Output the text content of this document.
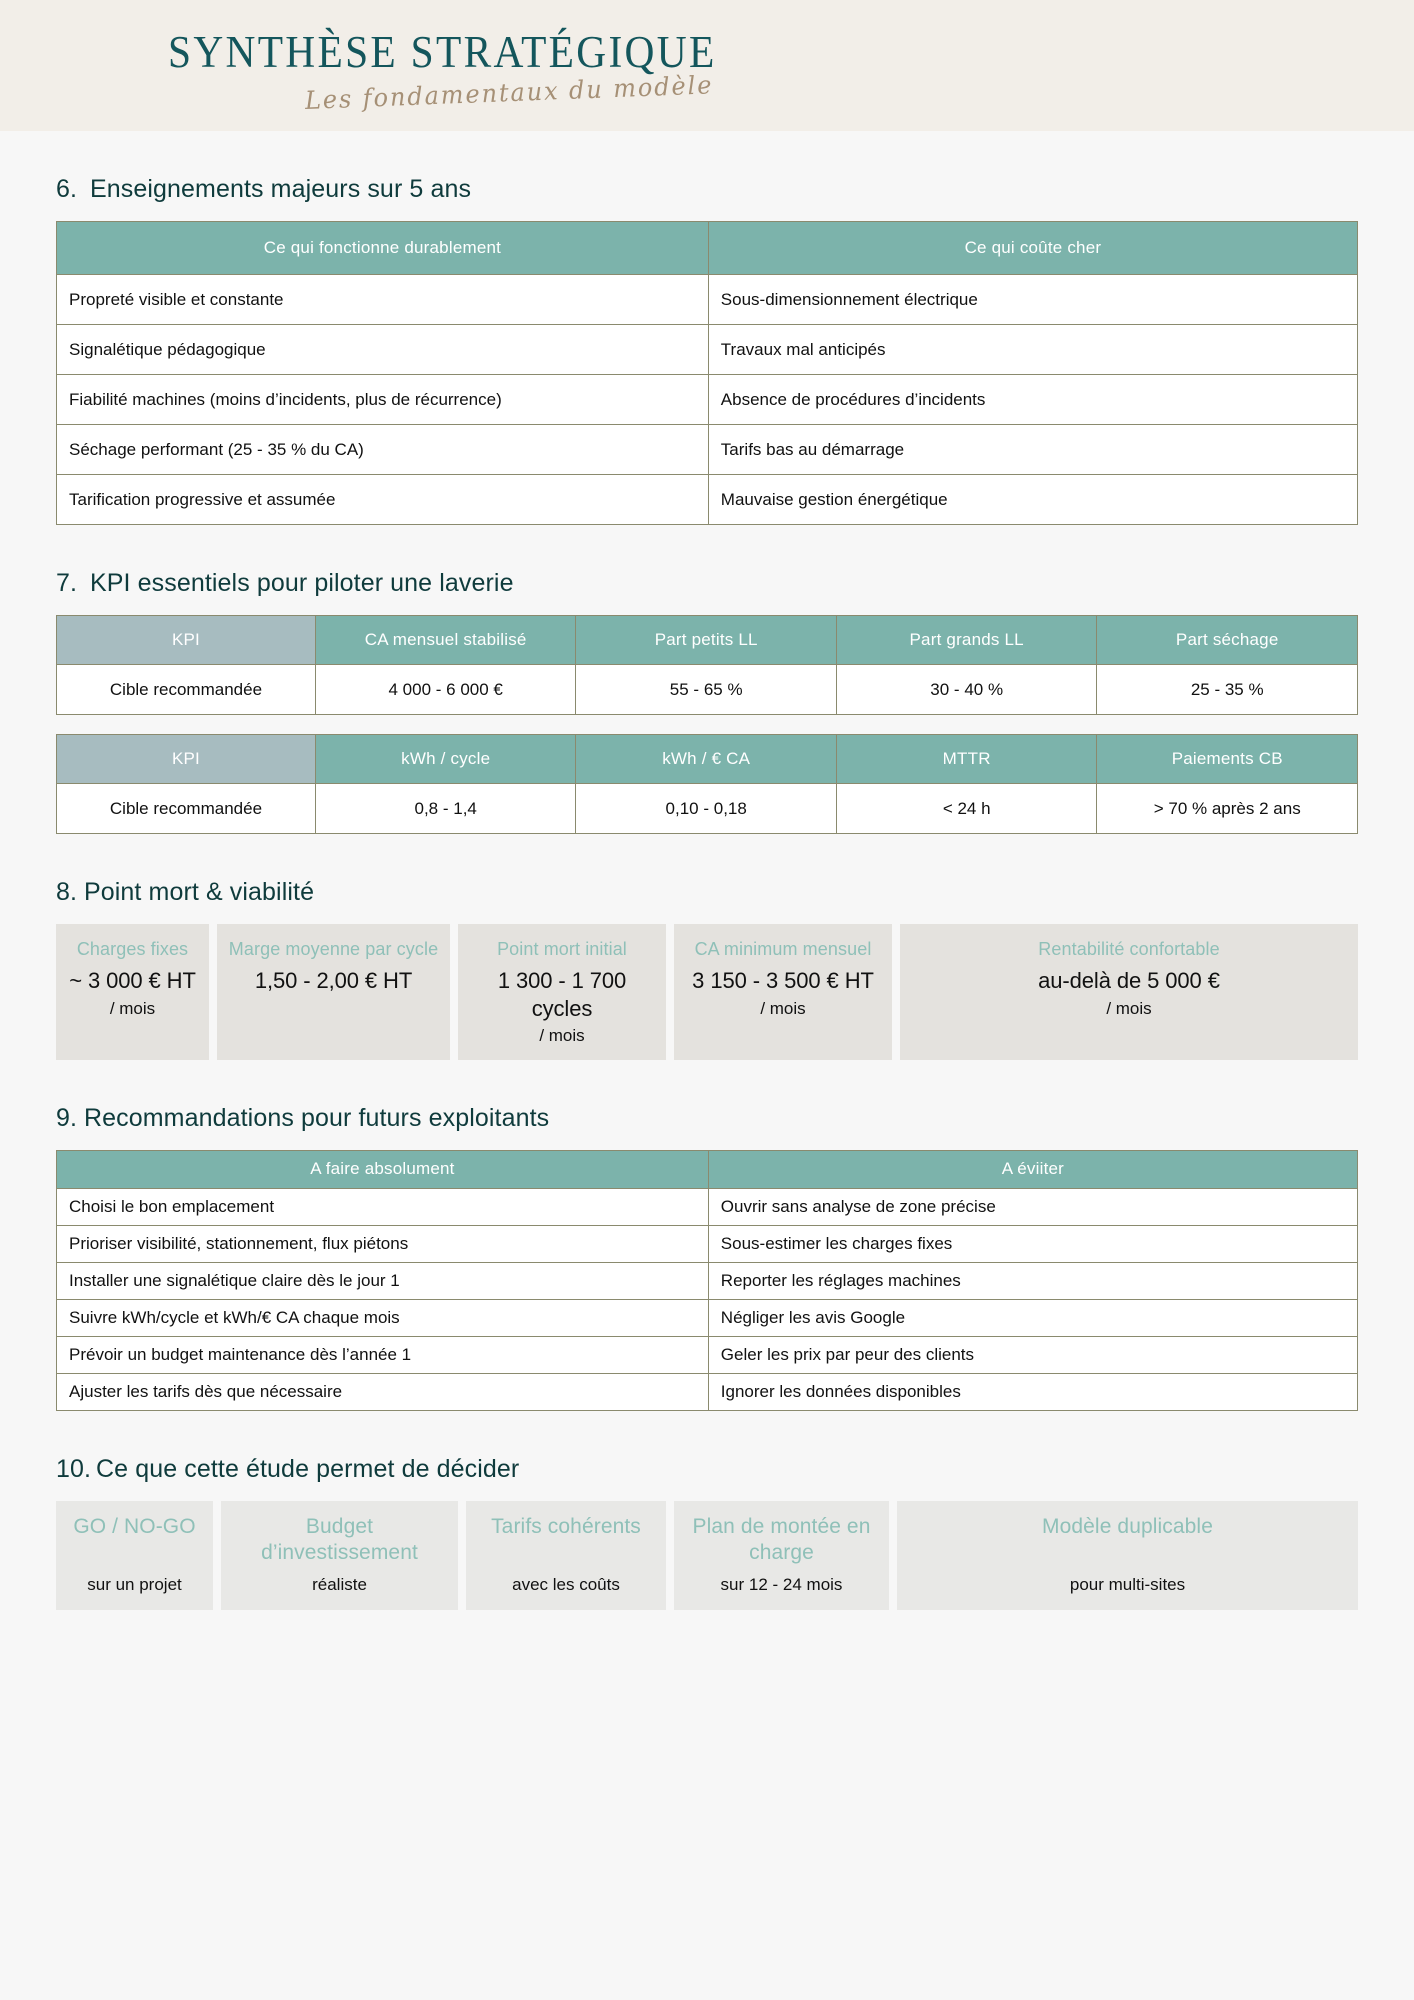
SYNTHÈSE STRATÉGIQUE
Les fondamentaux du modèle
6. Enseignements majeurs sur 5 ans
Ce qui fonctionne durablement	Ce qui coûte cher
Propreté visible et constante	Sous-dimensionnement électrique
Signalétique pédagogique	Travaux mal anticipés
Fiabilité machines (moins d’incidents, plus de récurrence)	Absence de procédures d’incidents
Séchage performant (25 - 35 % du CA)	Tarifs bas au démarrage
Tarification progressive et assumée	Mauvaise gestion énergétique
7. KPI essentiels pour piloter une laverie
KPI	CA mensuel stabilisé	Part petits LL	Part grands LL	Part séchage
Cible recommandée	4 000 - 6 000 €	55 - 65 %	30 - 40 %	25 - 35 %
KPI	kWh / cycle	kWh / € CA	MTTR	Paiements CB
Cible recommandée	0,8 - 1,4	0,10 - 0,18	< 24 h	> 70 % après 2 ans
8. Point mort & viabilité
Charges fixes
~ 3 000 € HT
/ mois
Marge moyenne par cycle
1,50 - 2,00 € HT
Point mort initial
1 300 - 1 700 cycles
/ mois
CA minimum mensuel
3 150 - 3 500 € HT
/ mois
Rentabilité confortable
au-delà de 5 000 €
/ mois
9. Recommandations pour futurs exploitants
A faire absolument	A éviiter
Choisi le bon emplacement	Ouvrir sans analyse de zone précise
Prioriser visibilité, stationnement, flux piétons	Sous-estimer les charges fixes
Installer une signalétique claire dès le jour 1	Reporter les réglages machines
Suivre kWh/cycle et kWh/€ CA chaque mois	Négliger les avis Google
Prévoir un budget maintenance dès l’année 1	Geler les prix par peur des clients
Ajuster les tarifs dès que nécessaire	Ignorer les données disponibles
10. Ce que cette étude permet de décider
GO / NO-GO
sur un projet
Budget d’investissement
réaliste
Tarifs cohérents
avec les coûts
Plan de montée en charge
sur 12 - 24 mois
Modèle duplicable
pour multi-sites
